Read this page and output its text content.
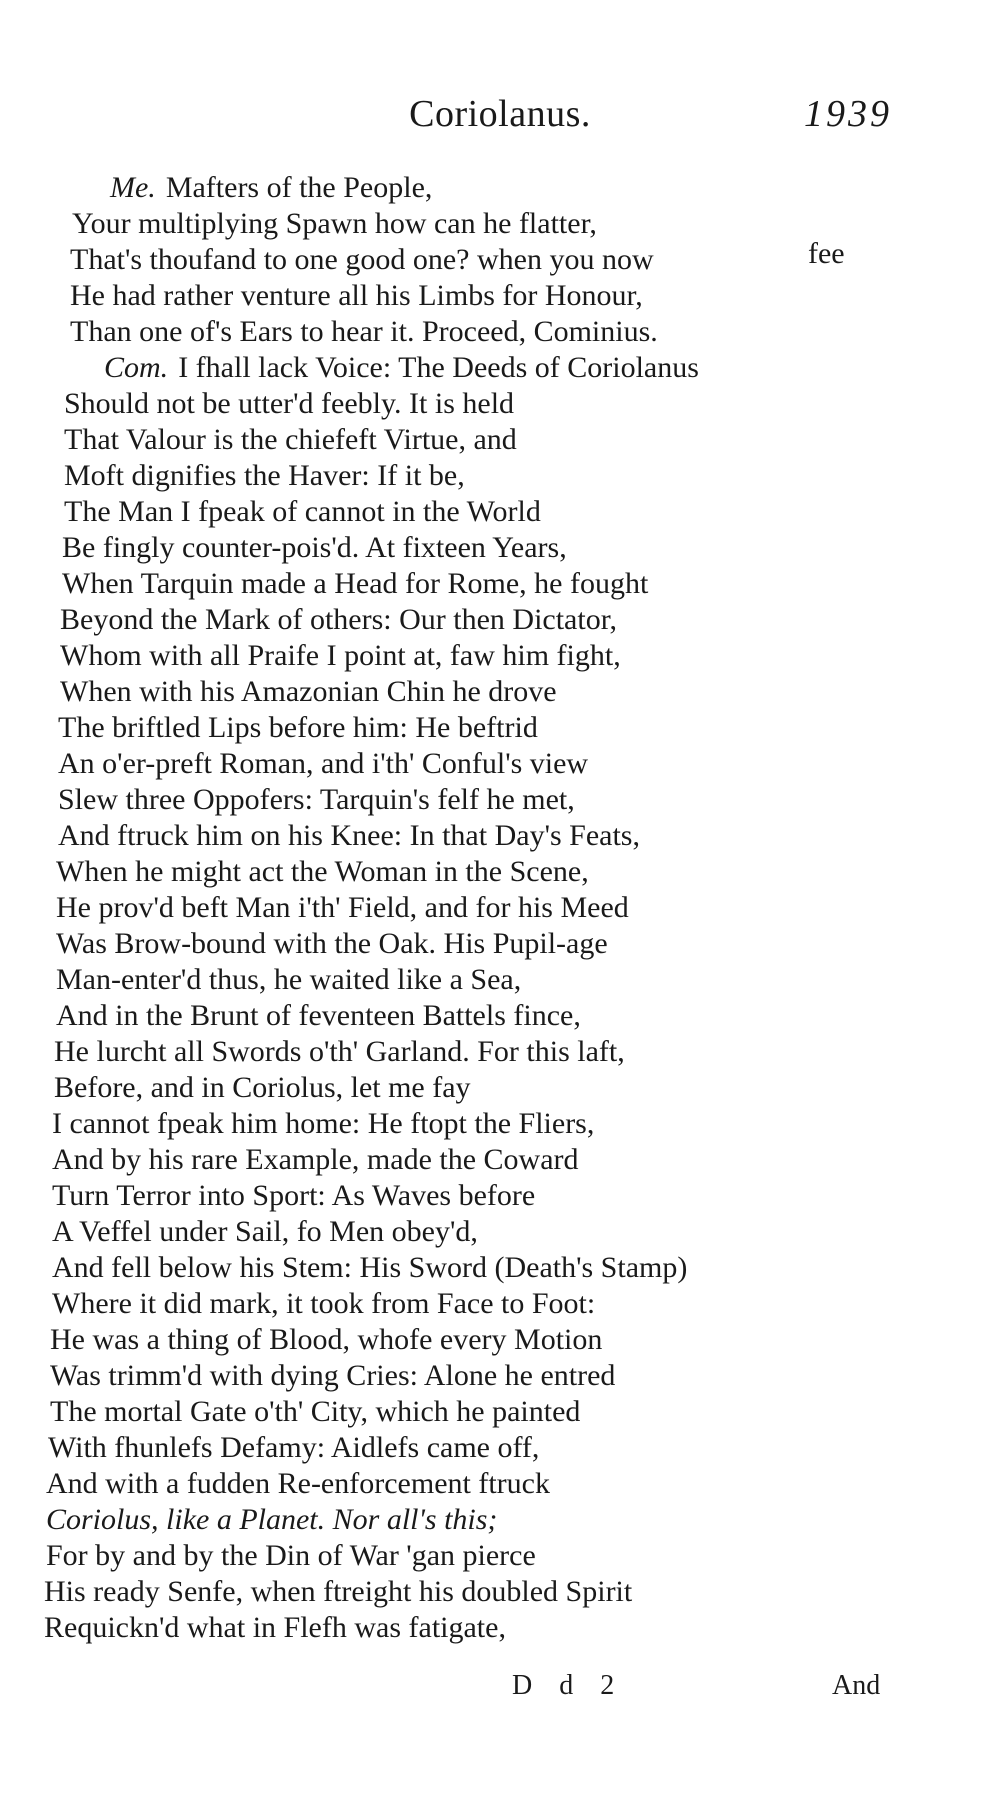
Coriolanus.	1939
Me. Mafters of the People,
Your multiplying Spawn how can he flatter,
That's thoufand to one good one? when you now
He had rather venture all his Limbs for Honour,
Than one of's Ears to hear it. Proceed, Cominius.
Com. I fhall lack Voice: The Deeds of Coriolanus
Should not be utter'd feebly. It is held
That Valour is the chiefeft Virtue, and
Moft dignifies the Haver: If it be,
The Man I fpeak of cannot in the World
Be fingly counter-pois'd. At fixteen Years,
When Tarquin made a Head for Rome, he fought
Beyond the Mark of others: Our then Dictator,
Whom with all Praife I point at, faw him fight,
When with his Amazonian Chin he drove
The briftled Lips before him: He beftrid
An o'er-preft Roman, and i'th' Conful's view
Slew three Oppofers: Tarquin's felf he met,
And ftruck him on his Knee: In that Day's Feats,
When he might act the Woman in the Scene,
He prov'd beft Man i'th' Field, and for his Meed
Was Brow-bound with the Oak. His Pupil-age
Man-enter'd thus, he waited like a Sea,
And in the Brunt of feventeen Battels fince,
He lurcht all Swords o'th' Garland. For this laft,
Before, and in Coriolus, let me fay
I cannot fpeak him home: He ftopt the Fliers,
And by his rare Example, made the Coward
Turn Terror into Sport: As Waves before
A Veffel under Sail, fo Men obey'd,
And fell below his Stem: His Sword (Death's Stamp)
Where it did mark, it took from Face to Foot:
He was a thing of Blood, whofe every Motion
Was trimm'd with dying Cries: Alone he entred
The mortal Gate o'th' City, which he painted
With fhunlefs Defamy: Aidlefs came off,
And with a fudden Re-enforcement ftruck
Coriolus, like a Planet. Nor all's this;
For by and by the Din of War 'gan pierce
His ready Senfe, when ftreight his doubled Spirit
Requickn'd what in Flefh was fatigate,
fee
D d 2	And
